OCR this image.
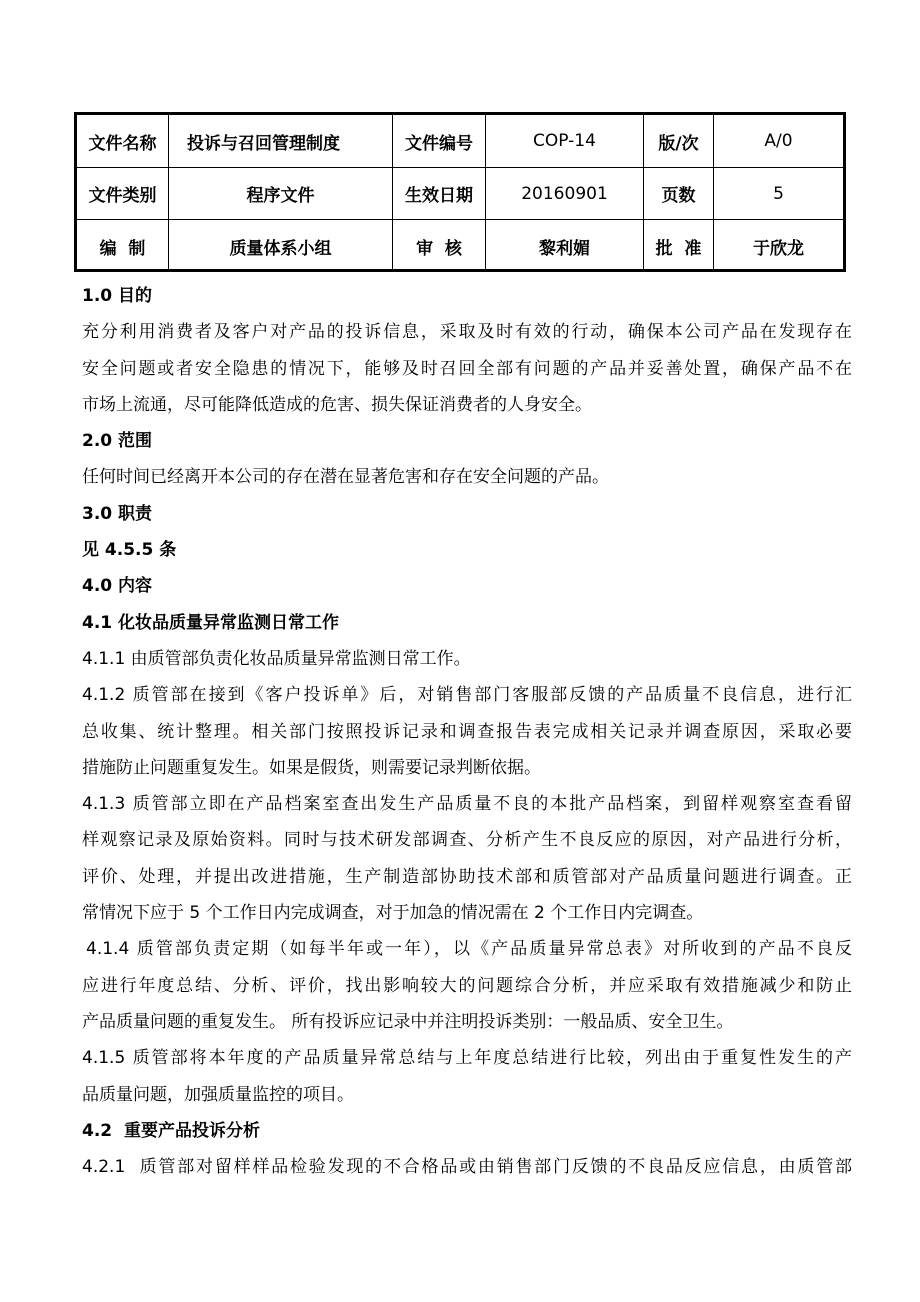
文件名称	投诉与召回管理制度	文件编号	COP-14	版/次	A/0
文件类别	程序文件	生效日期	20160901	页数	5
编  制	质量体系小组	审  核	黎利媚	批  准	于欣龙
1.0 目的
充分利用消费者及客户对产品的投诉信息，采取及时有效的行动，确保本公司产品在发现存在
安全问题或者安全隐患的情况下，能够及时召回全部有问题的产品并妥善处置，确保产品不在
市场上流通，尽可能降低造成的危害、损失保证消费者的人身安全。
2.0 范围
任何时间已经离开本公司的存在潜在显著危害和存在安全问题的产品。
3.0 职责
见 4.5.5 条
4.0 内容
4.1 化妆品质量异常监测日常工作
4.1.1 由质管部负责化妆品质量异常监测日常工作。
4.1.2 质管部在接到《客户投诉单》后，对销售部门客服部反馈的产品质量不良信息，进行汇
总收集、统计整理。相关部门按照投诉记录和调查报告表完成相关记录并调查原因，采取必要
措施防止问题重复发生。如果是假货，则需要记录判断依据。
4.1.3 质管部立即在产品档案室查出发生产品质量不良的本批产品档案，到留样观察室查看留
样观察记录及原始资料。同时与技术研发部调查、分析产生不良反应的原因，对产品进行分析，
评价、处理，并提出改进措施，生产制造部协助技术部和质管部对产品质量问题进行调查。正
常情况下应于 5 个工作日内完成调查，对于加急的情况需在 2 个工作日内完调查。
4.1.4 质管部负责定期（如每半年或一年），以《产品质量异常总表》对所收到的产品不良反
应进行年度总结、分析、评价，找出影响较大的问题综合分析，并应采取有效措施减少和防止
产品质量问题的重复发生。 所有投诉应记录中并注明投诉类别：一般品质、安全卫生。
4.1.5 质管部将本年度的产品质量异常总结与上年度总结进行比较，列出由于重复性发生的产
品质量问题，加强质量监控的项目。
4.2  重要产品投诉分析
4.2.1  质管部对留样样品检验发现的不合格品或由销售部门反馈的不良品反应信息，由质管部
